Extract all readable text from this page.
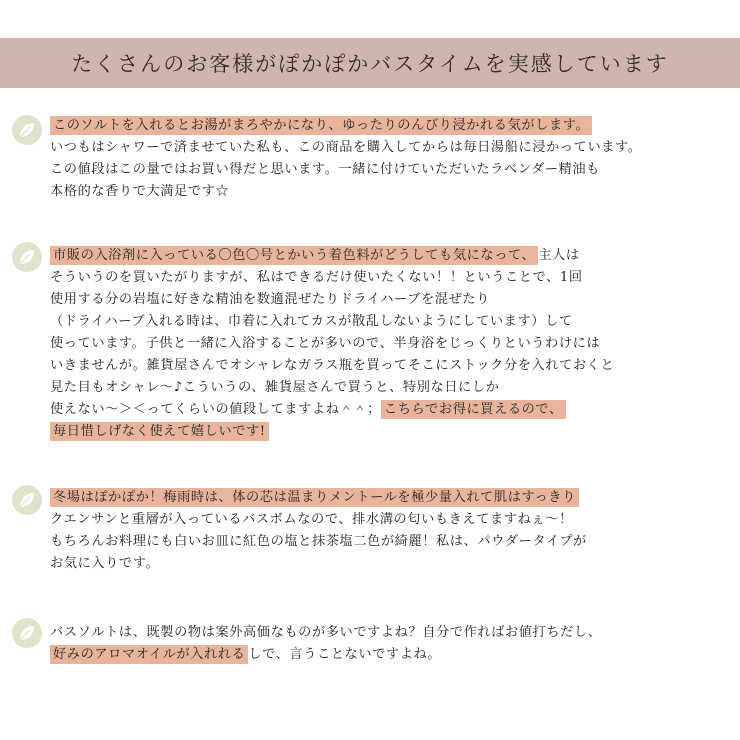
たくさんのお客様がぽかぽかバスタイムを実感しています
このソルトを入れるとお湯がまろやかになり、ゆったりのんびり浸かれる気がします。
いつもはシャワーで済ませていた私も、この商品を購入してからは毎日湯船に浸かっています。
この値段はこの量ではお買い得だと思います。一緒に付けていただいたラベンダー精油も
本格的な香りで大満足です☆
市販の入浴剤に入っている〇色〇号とかいう着色料がどうしても気になって、 主人は
そういうのを買いたがりますが、私はできるだけ使いたくない！！ということで、1回
使用する分の岩塩に好きな精油を数適混ぜたりドライハーブを混ぜたり
（ドライハーブ入れる時は、巾着に入れてカスが散乱しないようにしています）して
使っています。子供と一緒に入浴することが多いので、半身浴をじっくりというわけには
いきませんが。雑貨屋さんでオシャレなガラス瓶を買ってそこにストック分を入れておくと
見た目もオシャレ〜♪こういうの、雑貨屋さんで買うと、特別な日にしか
使えない〜＞＜ってくらいの値段してますよね＾＾； こちらでお得に買えるので、
毎日惜しげなく使えて嬉しいです!
冬場はぽかぽか！梅雨時は、体の芯は温まりメントールを極少量入れて肌はすっきり
クエンサンと重層が入っているバスボムなので、排水溝の匂いもきえてますねぇ〜！
もちろんお料理にも白いお皿に紅色の塩と抹茶塩二色が綺麗！私は、パウダータイプが
お気に入りです。
バスソルトは、既製の物は案外高価なものが多いですよね？自分で作ればお値打ちだし、
好みのアロマオイルが入れれる しで、言うことないですよね。
